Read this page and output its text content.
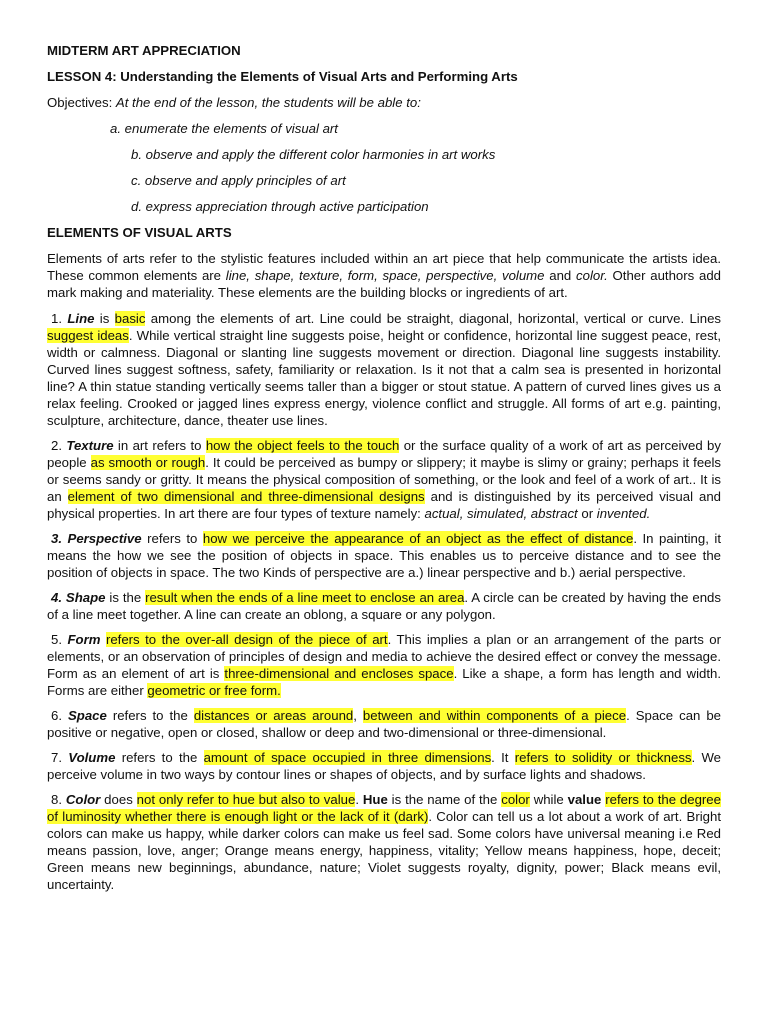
MIDTERM ART APPRECIATION
LESSON 4: Understanding the Elements of Visual Arts and Performing Arts
Objectives: At the end of the lesson, the students will be able to:
a. enumerate the elements of visual art
b. observe and apply the different color harmonies in art works
c. observe and apply principles of art
d. express appreciation through active participation
ELEMENTS OF VISUAL ARTS

Elements of arts refer to the stylistic features included within an art piece that help communicate the artists idea. These common elements are line, shape, texture, form, space, perspective, volume and color. Other authors add mark making and materiality. These elements are the building blocks or ingredients of art.

1. Line is basic among the elements of art. Line could be straight, diagonal, horizontal, vertical or curve. Lines suggest ideas. While vertical straight line suggests poise, height or confidence, horizontal line suggest peace, rest, width or calmness. Diagonal or slanting line suggests movement or direction. Diagonal line suggests instability. Curved lines suggest softness, safety, familiarity or relaxation. Is it not that a calm sea is presented in horizontal line? A thin statue standing vertically seems taller than a bigger or stout statue. A pattern of curved lines gives us a relax feeling. Crooked or jagged lines express energy, violence conflict and struggle. All forms of art e.g. painting, sculpture, architecture, dance, theater use lines.

2. Texture in art refers to how the object feels to the touch or the surface quality of a work of art as perceived by people as smooth or rough. It could be perceived as bumpy or slippery; it maybe is slimy or grainy; perhaps it feels or seems sandy or gritty. It means the physical composition of something, or the look and feel of a work of art.. It is an element of two dimensional and three-dimensional designs and is distinguished by its perceived visual and physical properties. In art there are four types of texture namely: actual, simulated, abstract or invented.

3. Perspective refers to how we perceive the appearance of an object as the effect of distance. In painting, it means the how we see the position of objects in space. This enables us to perceive distance and to see the position of objects in space. The two Kinds of perspective are a.) linear perspective and b.) aerial perspective.

4. Shape is the result when the ends of a line meet to enclose an area. A circle can be created by having the ends of a line meet together. A line can create an oblong, a square or any polygon.

5. Form refers to the over-all design of the piece of art. This implies a plan or an arrangement of the parts or elements, or an observation of principles of design and media to achieve the desired effect or convey the message. Form as an element of art is three-dimensional and encloses space. Like a shape, a form has length and width. Forms are either geometric or free form.

6. Space refers to the distances or areas around, between and within components of a piece. Space can be positive or negative, open or closed, shallow or deep and two-dimensional or three-dimensional.

7. Volume refers to the amount of space occupied in three dimensions. It refers to solidity or thickness. We perceive volume in two ways by contour lines or shapes of objects, and by surface lights and shadows.

8. Color does not only refer to hue but also to value. Hue is the name of the color while value refers to the degree of luminosity whether there is enough light or the lack of it (dark). Color can tell us a lot about a work of art. Bright colors can make us happy, while darker colors can make us feel sad. Some colors have universal meaning i.e Red means passion, love, anger; Orange means energy, happiness, vitality; Yellow means happiness, hope, deceit; Green means new beginnings, abundance, nature; Violet suggests royalty, dignity, power; Black means evil, uncertainty.
